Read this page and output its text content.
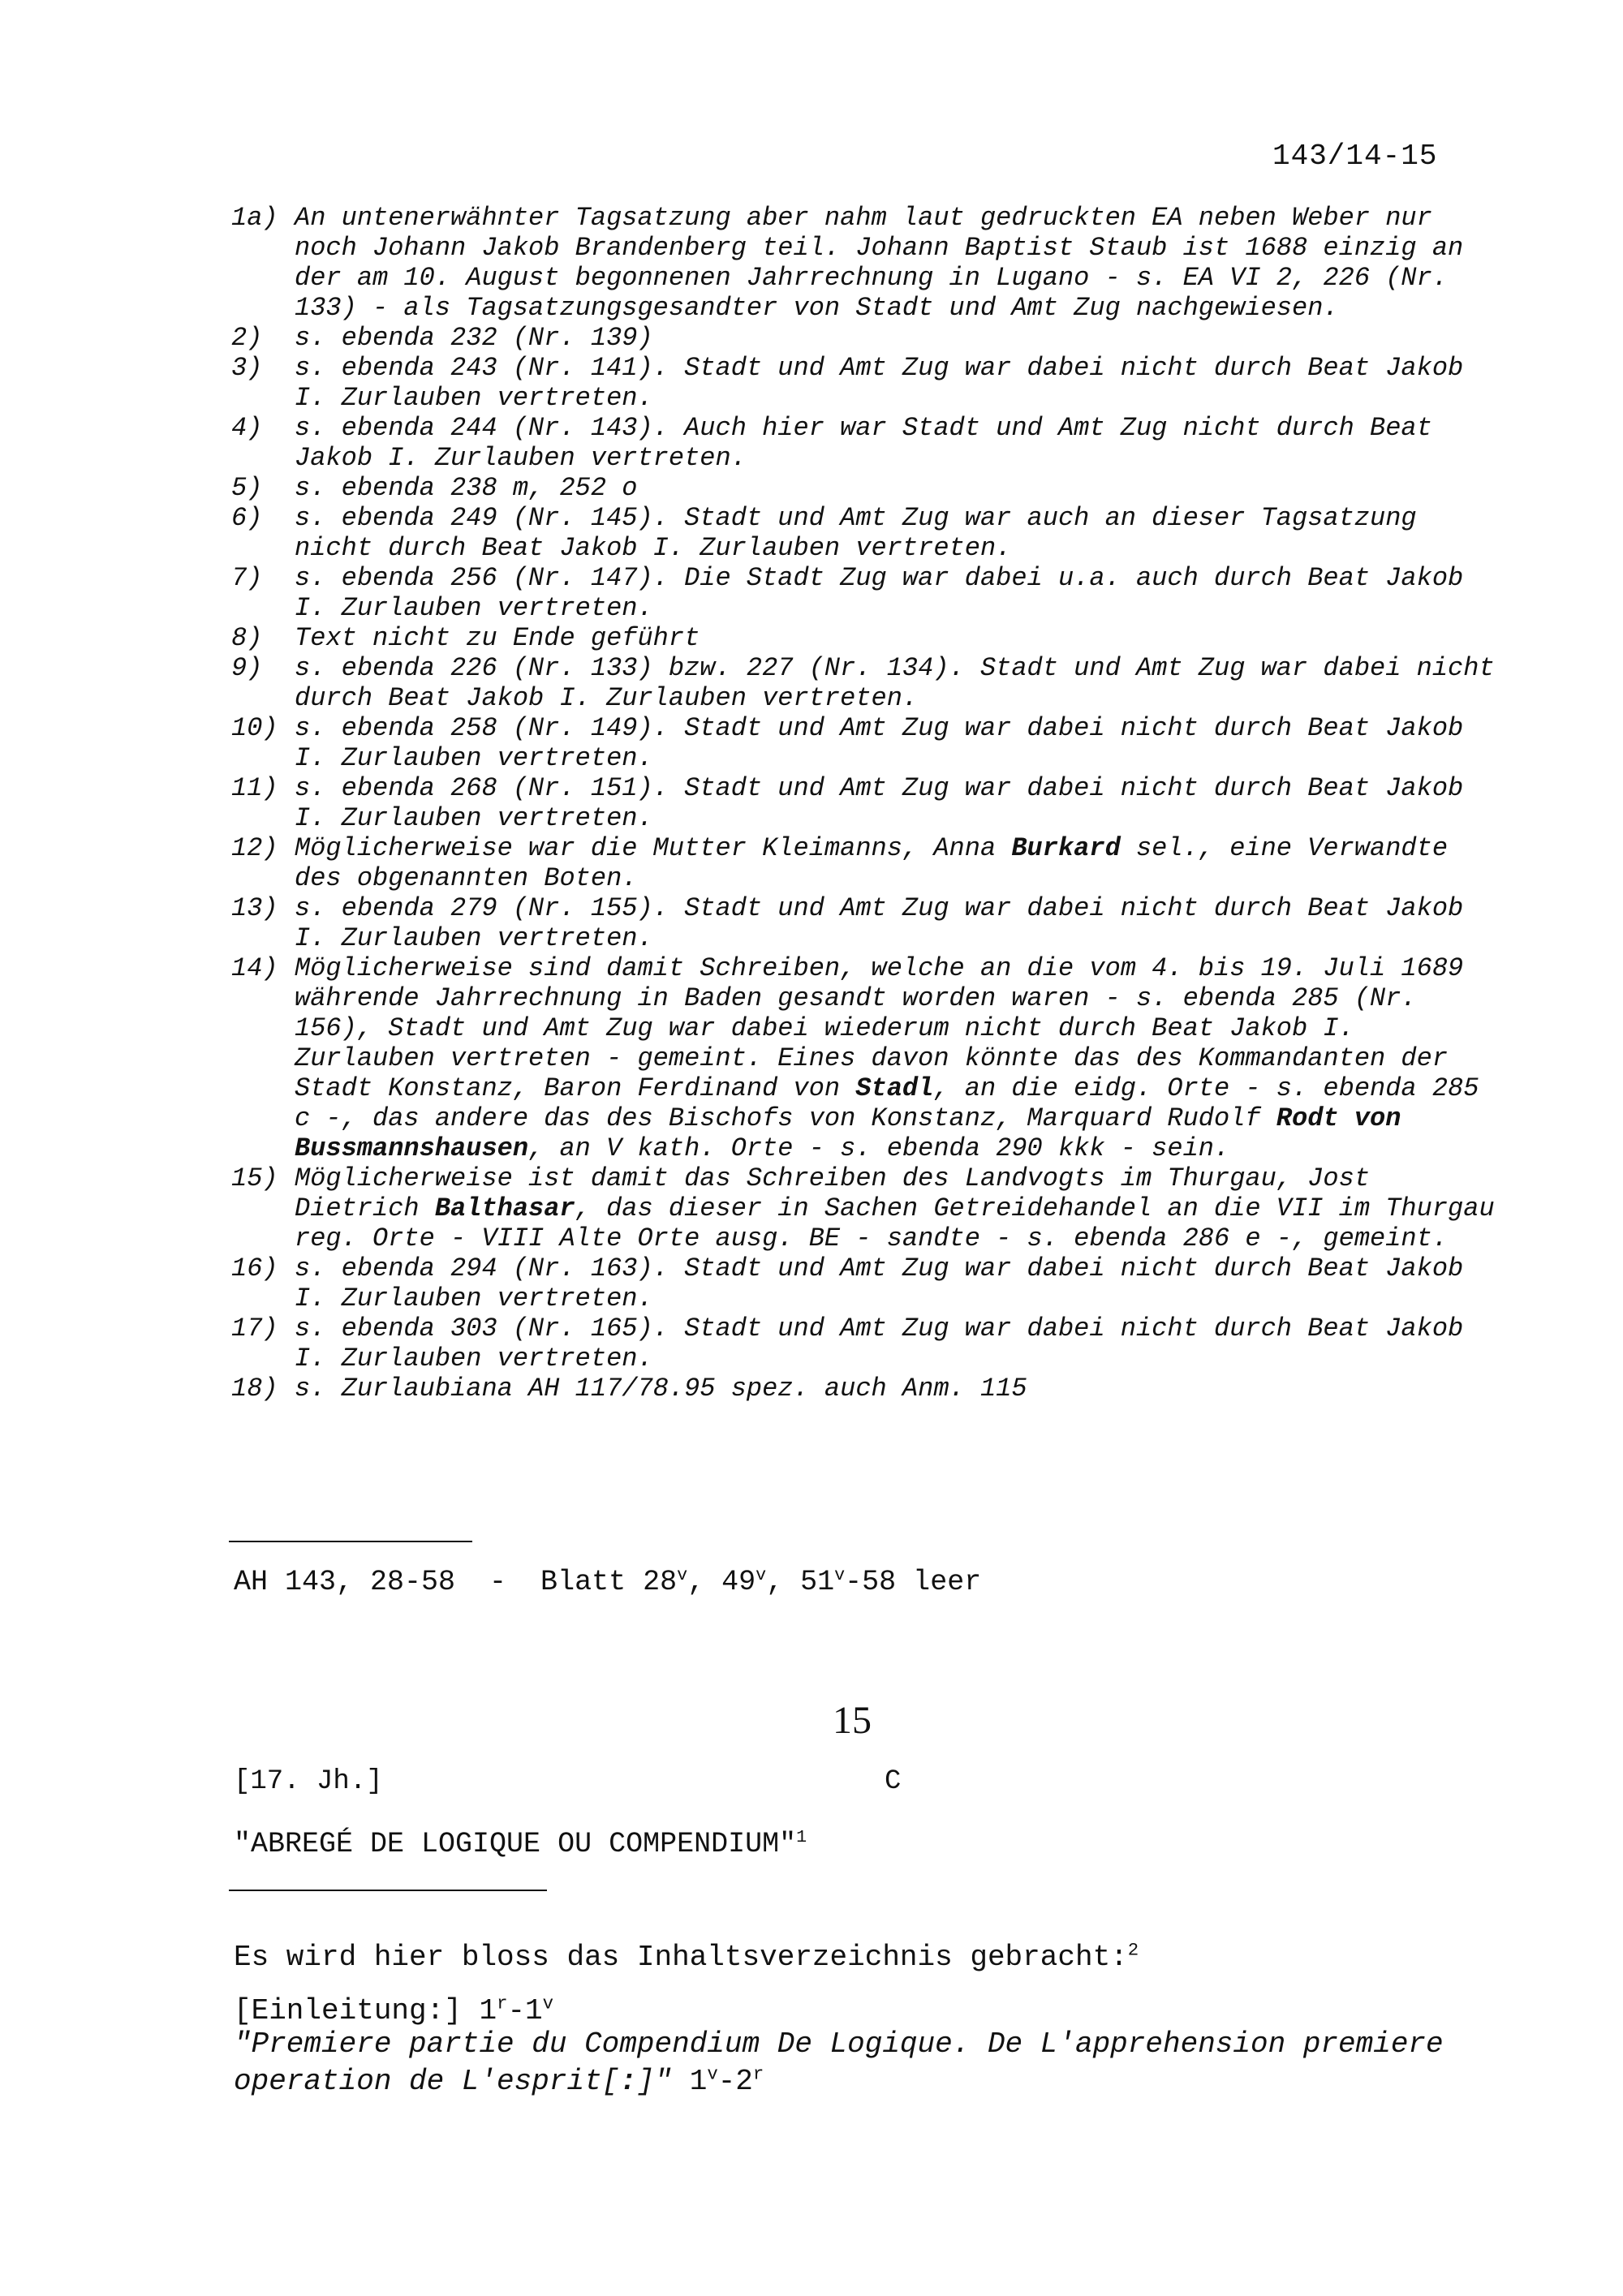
143/14-15
1a) An untenerwähnter Tagsatzung aber nahm laut gedruckten EA neben Weber nur noch Johann Jakob Brandenberg teil. Johann Baptist Staub ist 1688 einzig an der am 10. August begonnenen Jahrrechnung in Lugano - s. EA VI 2, 226 (Nr. 133) - als Tagsatzungsgesandter von Stadt und Amt Zug nachgewiesen.
2)	s. ebenda 232 (Nr. 139)
3)	s. ebenda 243 (Nr. 141). Stadt und Amt Zug war dabei nicht durch Beat Jakob I. Zurlauben vertreten.
4)	s. ebenda 244 (Nr. 143). Auch hier war Stadt und Amt Zug nicht durch Beat Jakob I. Zurlauben vertreten.
5)	s. ebenda 238 m, 252 o
6)	s. ebenda 249 (Nr. 145). Stadt und Amt Zug war auch an dieser Tagsatzung nicht durch Beat Jakob I. Zurlauben vertreten.
7)	s. ebenda 256 (Nr. 147). Die Stadt Zug war dabei u.a. auch durch Beat Jakob I. Zurlauben vertreten.
8)	Text nicht zu Ende geführt
9)	s. ebenda 226 (Nr. 133) bzw. 227 (Nr. 134). Stadt und Amt Zug war dabei nicht durch Beat Jakob I. Zurlauben vertreten.
10) s. ebenda 258 (Nr. 149). Stadt und Amt Zug war dabei nicht durch Beat Jakob I. Zurlauben vertreten.
11) s. ebenda 268 (Nr. 151). Stadt und Amt Zug war dabei nicht durch Beat Jakob I. Zurlauben vertreten.
12) Möglicherweise war die Mutter Kleimanns, Anna Burkard sel., eine Verwandte des obgenannten Boten.
13) s. ebenda 279 (Nr. 155). Stadt und Amt Zug war dabei nicht durch Beat Jakob I. Zurlauben vertreten.
14) Möglicherweise sind damit Schreiben, welche an die vom 4. bis 19. Juli 1689 währende Jahrrechnung in Baden gesandt worden waren - s. ebenda 285 (Nr. 156), Stadt und Amt Zug war dabei wiederum nicht durch Beat Jakob I. Zurlauben vertreten - gemeint. Eines davon könnte das des Kommandanten der Stadt Konstanz, Baron Ferdinand von Stadl, an die eidg. Orte - s. ebenda 285 c -, das andere das des Bischofs von Konstanz, Marquard Rudolf Rodt von Bussmannshausen, an V kath. Orte - s. ebenda 290 kkk - sein.
15) Möglicherweise ist damit das Schreiben des Landvogts im Thurgau, Jost Dietrich Balthasar, das dieser in Sachen Getreidehandel an die VII im Thurgau reg. Orte - VIII Alte Orte ausg. BE - sandte - s. ebenda 286 e -, gemeint.
16) s. ebenda 294 (Nr. 163). Stadt und Amt Zug war dabei nicht durch Beat Jakob I. Zurlauben vertreten.
17) s. ebenda 303 (Nr. 165). Stadt und Amt Zug war dabei nicht durch Beat Jakob I. Zurlauben vertreten.
18) s. Zurlaubiana AH 117/78.95 spez. auch Anm. 115
AH 143, 28-58  -  Blatt 28$^v$, 49$^v$, 51$^v$-58 leer
15
[17. Jh.]	C
"ABREGÉ DE LOGIQUE OU COMPENDIUM"$^1$
Es wird hier bloss das Inhaltsverzeichnis gebracht:$^2$
[Einleitung:] 1$^r$-1$^v$
"Premiere partie du Compendium De Logique. De L'apprehension premiere operation de L'esprit[:]" 1$^v$-2$^r$
